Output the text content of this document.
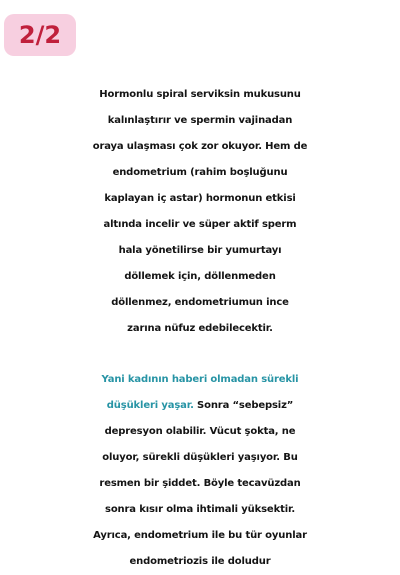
2/2
Hormonlu spiral serviksin mukusunu
kalınlaştırır ve spermin vajinadan
oraya ulaşması çok zor okuyor. Hem de
endometrium (rahim boşluğunu
kaplayan iç astar) hormonun etkisi
altında incelir ve süper aktif sperm
hala yönetilirse bir yumurtayı
döllemek için, döllenmeden
döllenmez, endometriumun ince
zarına nüfuz edebilecektir.
Yani kadının haberi olmadan sürekli
düşükleri yaşar. Sonra “sebepsiz”
depresyon olabilir. Vücut şokta, ne
oluyor, sürekli düşükleri yaşıyor. Bu
resmen bir şiddet. Böyle tecavüzdan
sonra kısır olma ihtimali yüksektir.
Ayrıca, endometrium ile bu tür oyunlar
endometriozis ile doludur
